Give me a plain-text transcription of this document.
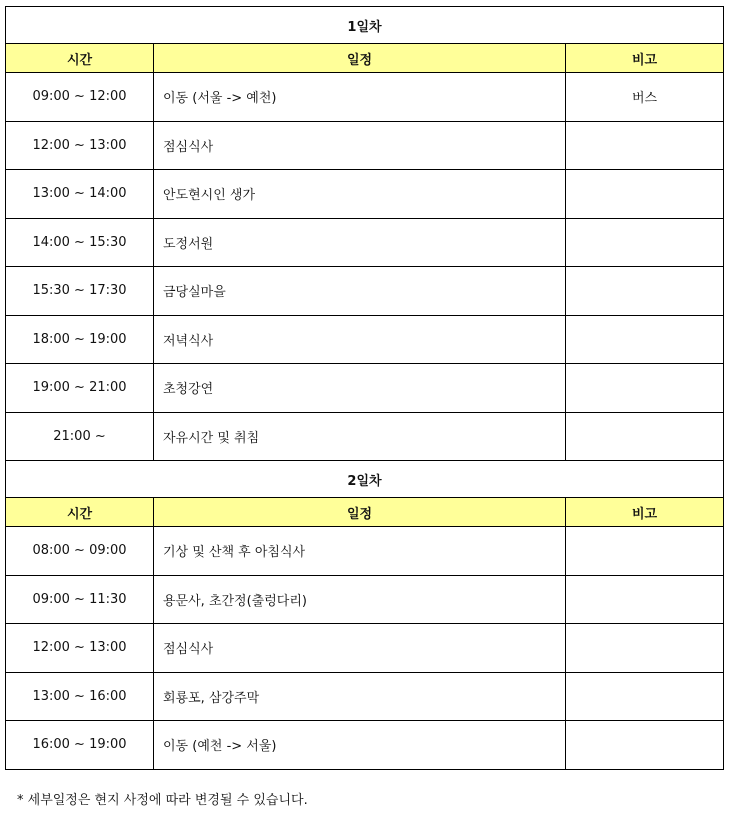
1일차		
시간	일정	비고
09:00 ~ 12:00	이동 (서울 -> 예천)	버스
12:00 ~ 13:00	점심식사	
13:00 ~ 14:00	안도현시인 생가	
14:00 ~ 15:30	도정서원	
15:30 ~ 17:30	금당실마을	
18:00 ~ 19:00	저녁식사	
19:00 ~ 21:00	초청강연	
21:00 ~	자유시간 및 취침	
2일차		
시간	일정	비고
08:00 ~ 09:00	기상 및 산책 후 아침식사	
09:00 ~ 11:30	용문사, 초간정(출렁다리)	
12:00 ~ 13:00	점심식사	
13:00 ~ 16:00	회룡포, 삼강주막	
16:00 ~ 19:00	이동 (예천 -> 서울)	
* 세부일정은 현지 사정에 따라 변경될 수 있습니다.
